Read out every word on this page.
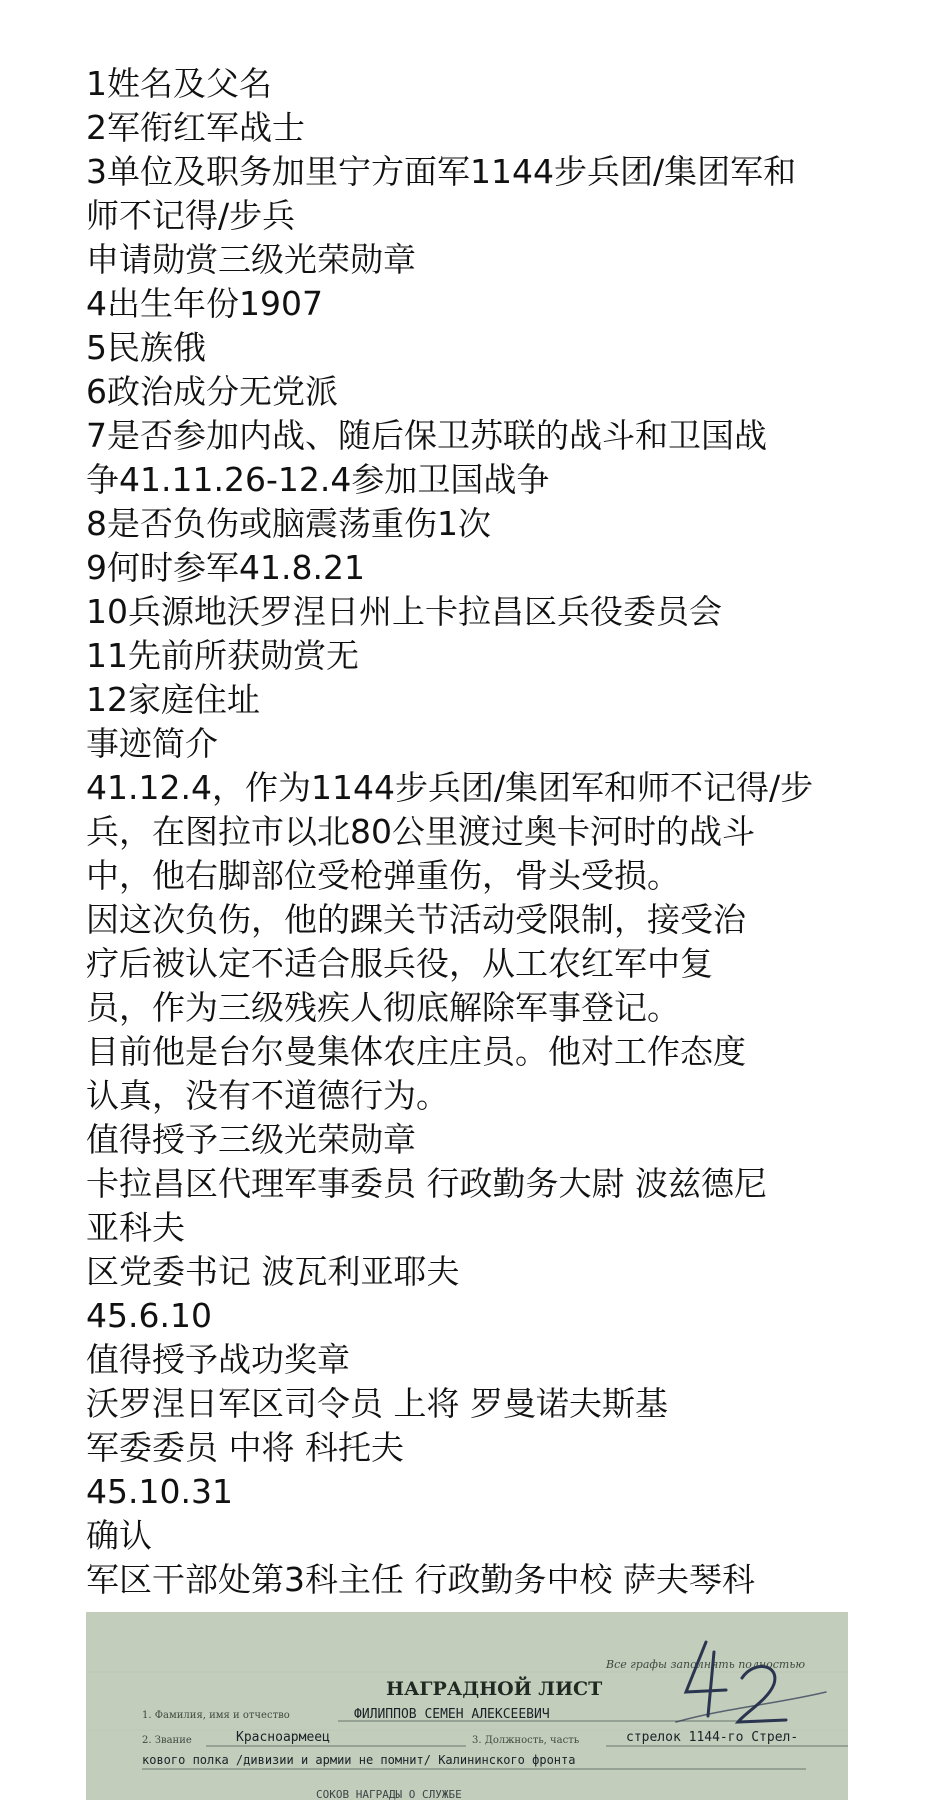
1姓名及父名

2军衔红军战士

3单位及职务加里宁方面军1144步兵团/集团军和

师不记得/步兵

申请勋赏三级光荣勋章

4出生年份1907

5民族俄

6政治成分无党派

7是否参加内战、随后保卫苏联的战斗和卫国战

争41.11.26-12.4参加卫国战争

8是否负伤或脑震荡重伤1次

9何时参军41.8.21

10兵源地沃罗涅日州上卡拉昌区兵役委员会

11先前所获勋赏无

12家庭住址

事迹简介

41.12.4，作为1144步兵团/集团军和师不记得/步

兵，在图拉市以北80公里渡过奥卡河时的战斗

中，他右脚部位受枪弹重伤，骨头受损。

因这次负伤，他的踝关节活动受限制，接受治

疗后被认定不适合服兵役，从工农红军中复

员，作为三级残疾人彻底解除军事登记。

目前他是台尔曼集体农庄庄员。他对工作态度

认真，没有不道德行为。

值得授予三级光荣勋章

卡拉昌区代理军事委员 行政勤务大尉 波兹德尼

亚科夫

区党委书记 波瓦利亚耶夫

45.6.10

值得授予战功奖章

沃罗涅日军区司令员 上将 罗曼诺夫斯基

军委委员 中将 科托夫

45.10.31

确认

军区干部处第3科主任 行政勤务中校 萨夫琴科

Все графы заполнять полностью
НАГРАДНОЙ ЛИСТ
1. Фамилия, имя и отчество	ФИЛИППОВ СЕМЕН АЛЕКСЕЕВИЧ
2. Звание	Красноармеец	3. Должность, часть	стрелок 1144-го Стрел-
кового полка /дивизии и армии не помнит/ Калининского фронта
СОКОВ НАГРАДЫ О СЛУЖБЕ
